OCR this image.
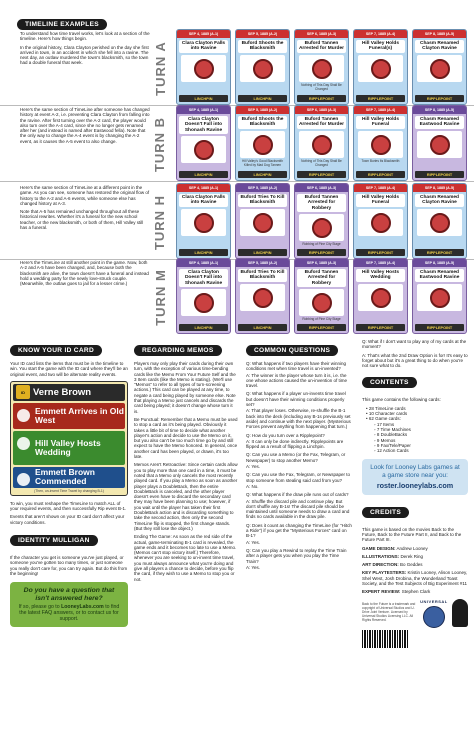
TIMELINE EXAMPLES

To understand how time travel works, let's look at a section of the timeline. Here's how things begin.

In the original history, Clara Clayton perished on the day she first arrived in town, in an accident in which she fell into a ravine. The next day, an outlaw murdered the town's blacksmith, so the town had a double funeral that week.	TURN A
SEP 4, 1885 (A-1)
Clara Clayton Falls into Ravine
LINCHPIN
SEP 5, 1885 (A-2)
Buford Shoots the Blacksmith
LINCHPIN
SEP 6, 1885 (A-3)
Buford Tannen Arrested for Murder
Nothing of This Day Shall Be Changed
RIPPLEPOINT
SEP 7, 1885 (A-4)
Hill Valley Holds Funeral(s)
RIPPLEPOINT
SEP 8, 1885 (A-5)
Chasm Renamed Clayton Ravine
RIPPLEPOINT

Here's the same section of TimeLine after someone has changed history at event A-2, i.e. preventing Clara Clayton from falling into the ravine. After first turning over the A-2 card, the player would also turn over the A-4 card, since she no longer gets renamed after her (and instead is named after Eastwood fella). Note that the only way to change the A-4 event is by changing the A-2 event, as it causes the A-5 event to also change.	TURN B
SEP 4, 1885 (A-1)
Clara Clayton Doesn't Fall into Shonash Ravine
LINCHPIN
SEP 5, 1885 (A-2)
Buford Shoots the Blacksmith
Hill Valley's Good Blacksmith Killed by Mad Dog Tannen
LINCHPIN
SEP 6, 1885 (A-3)
Buford Tannen Arrested for Murder
Nothing of This Day Shall Be Changed
RIPPLEPOINT
SEP 7, 1885 (A-4)
Hill Valley Holds Funeral
Town Buries Its Blacksmith
RIPPLEPOINT
SEP 8, 1885 (A-5)
Chasm Renamed Eastwood Ravine
RIPPLEPOINT

Here's the same section of TimeLine at a different point in the game. As you can see, someone has restored the original flow of history to the A-2 and A-6 events, while someone else has changed history at A-3.

Note that A-5 has remained unchanged throughout all these historical rewrites. Whether it's a funeral for the new school teacher, or the new blacksmith, or both of them, Hill Valley still has a funeral.	TURN H
SEP 4, 1885 (A-1)
Clara Clayton Falls into Ravine
LINCHPIN
SEP 5, 1885 (A-2)
Buford Tries To Kill Blacksmith
LINCHPIN
SEP 6, 1885 (A-3)
Buford Tannen Arrested for Robbery
Robbing of Pine City Stage
RIPPLEPOINT
SEP 7, 1885 (A-4)
Hill Valley Holds Funeral
RIPPLEPOINT
SEP 8, 1885 (A-5)
Chasm Renamed Clayton Ravine
RIPPLEPOINT

Here's the TimeLine at still another point in the game. Now, both A-2 and A-5 have been changed, and, because both the blacksmith are alive, the town doesn't have a funeral and instead hold a wedding party for the newly love-struck couple. (Meanwhile, the outlaw goes to jail for a lesser crime.)	TURN M
SEP 4, 1885 (A-1)
Clara Clayton Doesn't Fall into Shonash Ravine
LINCHPIN
SEP 5, 1885 (A-2)
Buford Tries To Kill Blacksmith
LINCHPIN
SEP 6, 1885 (A-3)
Buford Tannen Arrested for Robbery
Robbing of Pine City Stage
RIPPLEPOINT
SEP 7, 1885 (A-4)
Hill Valley Hosts Wedding
RIPPLEPOINT
SEP 8, 1885 (A-5)
Chasm Renamed Eastwood Ravine
RIPPLEPOINT
KNOW YOUR ID CARD
Your ID card lists the items that must be in the timeline to win. You start the game with the ID card where they'll be an original event, and two will be alternate reality events.
ID Verne Brown
Emmett Arrives in Old West
Hill Valley Hosts Wedding
Emmett Brown Commended
(Then, un-invent Time Travel by changing B-1)

To win, you must reshape the TimeLine to match ALL of your required events, and then successfully Rip event B-1.

Events that aren't shown on your ID card don't affect your victory conditions.

IDENTITY MULLIGAN
If the character you get is someone you've just played, or someone you've gotten too many times, or just someone you really don't care for, you can try again. But do this from the beginning!
Do you have a question that isn't answered here?
If so, please go to LooneyLabs.com to find the latest FAQ answers, or to contact us for support.
REGARDING MEMOS

Players may only play their cards during their own turn, with the exception of various time-bending cards like the Memo From Your Future Self and the 3 Item cards (like the Memo is stating). (We'll use "Memos" to refer to all types of turn-screening actions.) This card can be played at any time, to negate a card being played by someone else. Note that playing a Memo just cancels and discards the card being played; it doesn't change whose turn it is.

Be Punctual: Remember that a Memo must be used to stop a card as it's being played. Obviously it takes a little bit of time to decide what another player's action and decide to use the Memo on it, but you also can't be too much time go by and still expect to have the Memo honored. In general, once another card has been played, or drawn, it's too late.

Memos Aren't Retroactive: Since certain cards allow you to play more than one card in a time, it must be noted that a Memo only cancels the most recently played card. If you play a Memo as soon as another player plays a DoubleBack, then the entire DoubleBack is canceled, and the other player doesn't even have to discard the secondary card they may have been planning to use; however, if you wait until the player has taken their first DoubleBack action and is discarding something to take the second action, then only the second TimeLine flip is stopped, the first change stands. (But they still lose the object.)

Ending The Game: As soon as the red side of the actual, game-terminating B-1 card is revealed, the game ends and it becomes too late to use a Memo. (Memos can't stop victory itself.) Therefore, whenever you are seeking to un-invent time travel, you must always announce what you're doing and give all players a chance to decide, before you flip the card, if they wish to use a Memo to stop you or not.

COMMON QUESTIONS

Q: What happens if two players have their winning conditions met when time travel is un-invented?

A: The winner is the player whose turn it is, i.e. the one whose actions caused the un-invention of time travel.

Q: What happens if a player un-invents time travel but doesn't have their winning conditions properly set?

A: That player loses. Otherwise, re-shuffle the B-1 back into the deck (including any B-1s previously set aside) and continue with the next player. (Mysterious Forces prevent anything from happening that turn.)

Q: How do you turn over a Ripplepoint?

A: It can only be done indirectly. Ripplepoints are flipped as a result of flipping a Linchpin.

Q: Can you use a Memo (or the Fax, Telegram, or Newspaper) to stop another Memo?

A: Yes.

Q: Can you use the Fax, Telegram, or Newspaper to stop someone from stealing said card from you?

A: No.

Q: What happens if the draw pile runs out of cards?

A: Shuffle the discard pile and continue play. But don't shuffle any B-1s! The discard pile should be maintained until someone needs to draw a card and finds no cards available in the draw pile.

Q: Does it count as changing the TimeLine (for "Hitch a Ride") if you get the "Mysterious Forces" card on B-1?

A: Yes.

Q: Can you play a Rewind to replay the Time Train after a player gets you when you play the Time Train?

A: Yes.

Q: What if I don't want to play any of my cards at the moment?

A: That's what the 2nd Draw Option is for! It's easy to forget about but it's a great thing to do when you're not sure what to do.

CONTENTS

This game contains the following cards:

• 28 TimeLine cards
• 10 Character cards
• 62 Game cards:
◦ 17 Items
◦ 7 Time Machines
◦ 8 DoubleBacks
◦ 9 Memos
◦ 9 Fax/Tele/Paper
◦ 12 Action Cards
Look for Looney Labs games at a game store near you:
roster.looneylabs.com
CREDITS

This game is based on the movies Back to the Future, Back to the Future Part II, and Back to the Future Part III.

GAME DESIGN: Andrew Looney

ILLUSTRATIONS: Derek Ring

ART DIRECTION: Bo Geddes

KEY PLAYTESTERS: Kristin Looney, Alison Looney, Shel West, Josh Drobina, the Wunderland Toast Society, and the Test Subjects of Big Experiment #11

EXPERT REVIEW: Stephen Clark

Back to the Future is a trademark and copyright of Universal Studios and U-Drive Joint Venture. Licensed by Universal Studios Licensing LLC. All Rights Reserved.
UNIVERSAL
